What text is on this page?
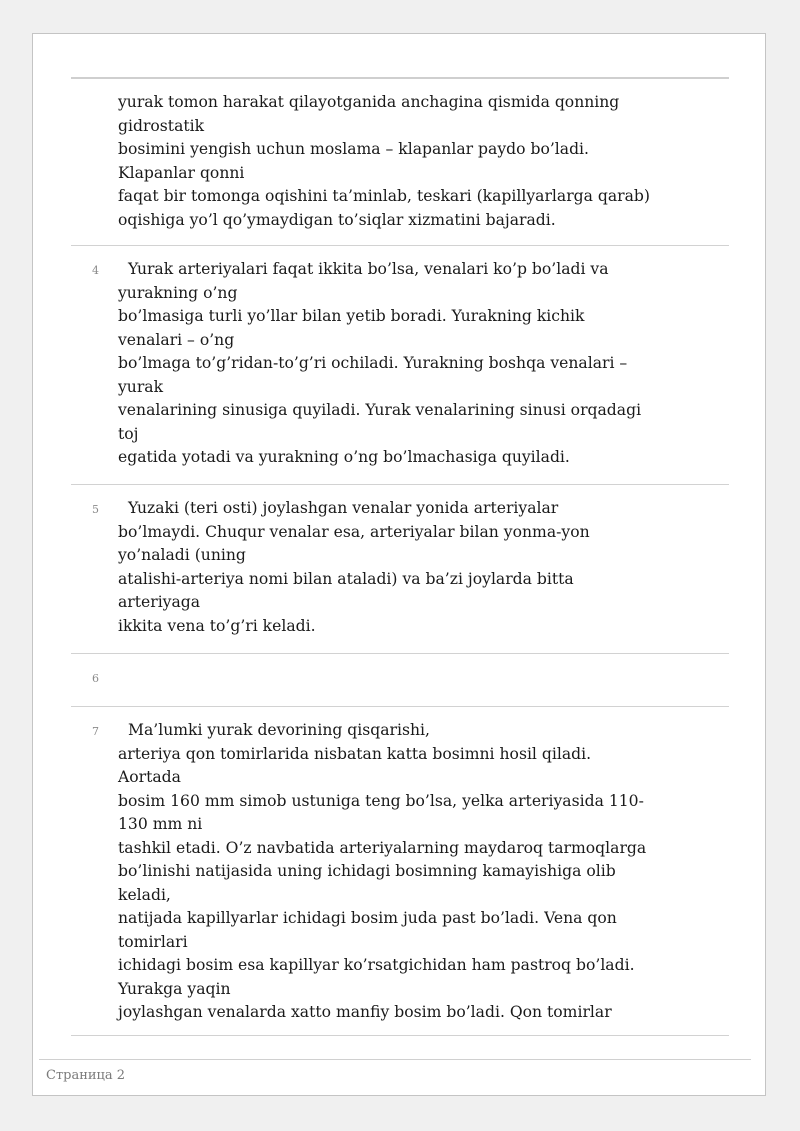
yurak tomon harakat qilayotganida anchagina qismida qonning
gidrostatik
bosimini yengish uchun moslama – klapanlar paydo bo’ladi.
Klapanlar qonni
faqat bir tomonga oqishini ta’minlab, teskari (kapillyarlarga qarab)
oqishiga yo’l qo’ymaydigan to’siqlar xizmatini bajaradi.
4	Yurak arteriyalari faqat ikkita bo’lsa, venalari ko’p bo’ladi va
yurakning o’ng
bo’lmasiga turli yo’llar bilan yetib boradi. Yurakning kichik
venalari – o’ng
bo’lmaga to’g’ridan-to’g’ri ochiladi. Yurakning boshqa venalari –
yurak
venalarining sinusiga quyiladi. Yurak venalarining sinusi orqadagi
toj
egatida yotadi va yurakning o’ng bo’lmachasiga quyiladi.
5	Yuzaki (teri osti) joylashgan venalar yonida arteriyalar
bo’lmaydi. Chuqur venalar esa, arteriyalar bilan yonma-yon
yo’naladi (uning
atalishi-arteriya nomi bilan ataladi) va ba’zi joylarda bitta
arteriyaga
ikkita vena to’g’ri keladi.
6
7	Ma’lumki yurak devorining qisqarishi,
arteriya qon tomirlarida nisbatan katta bosimni hosil qiladi.
Aortada
bosim 160 mm simob ustuniga teng bo’lsa, yelka arteriyasida 110-
130 mm ni
tashkil etadi. O’z navbatida arteriyalarning maydaroq tarmoqlarga
bo’linishi natijasida uning ichidagi bosimning kamayishiga olib
keladi,
natijada kapillyarlar ichidagi bosim juda past bo’ladi. Vena qon
tomirlari
ichidagi bosim esa kapillyar ko’rsatgichidan ham pastroq bo’ladi.
Yurakga yaqin
joylashgan venalarda xatto manfiy bosim bo’ladi. Qon tomirlar
Страница 2
